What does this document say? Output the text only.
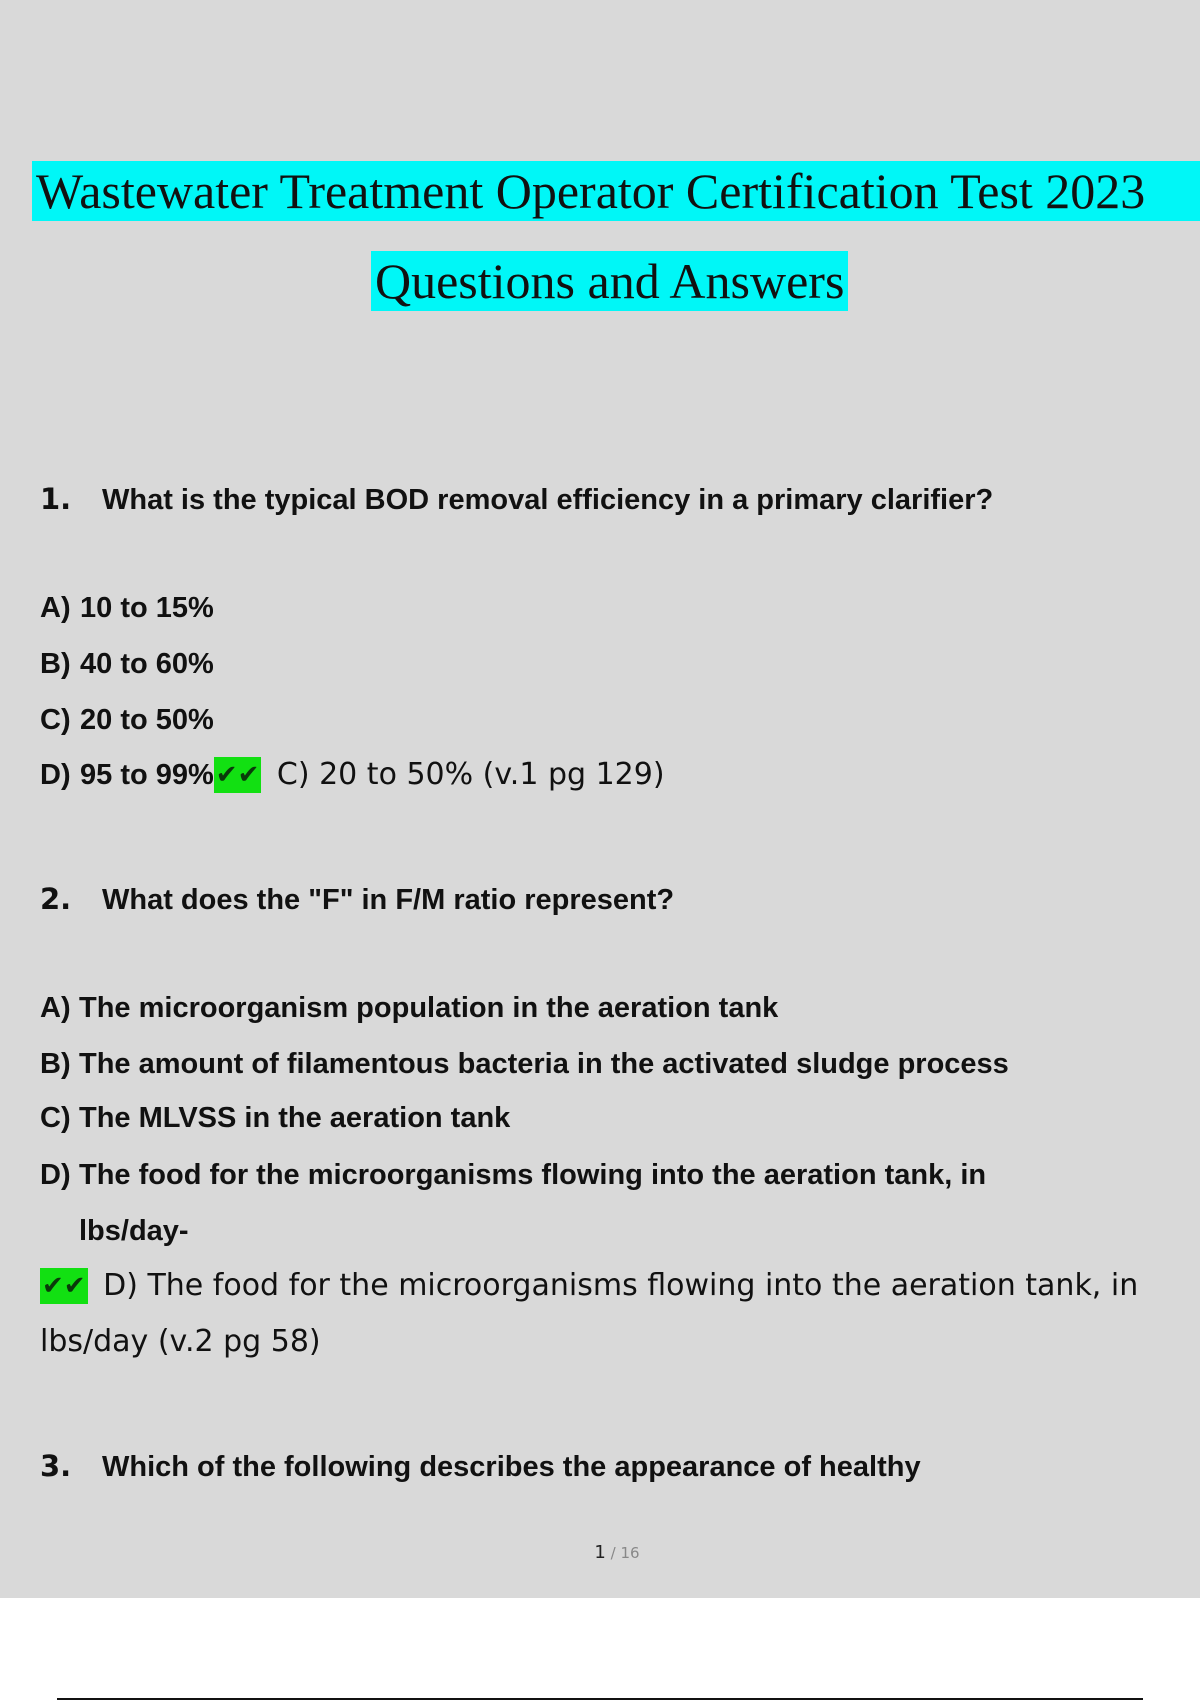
Wastewater Treatment Operator Certification Test 2023
Questions and Answers
1. What is the typical BOD removal efficiency in a primary clarifier?
A) 10 to 15%
B) 40 to 60%
C) 20 to 50%
D) 95 to 99%✔✔ C) 20 to 50% (v.1 pg 129)
2. What does the "F" in F/M ratio represent?
A) The microorganism population in the aeration tank
B) The amount of filamentous bacteria in the activated sludge process
C) The MLVSS in the aeration tank
D) The food for the microorganisms flowing into the aeration tank, in
lbs/day-
✔✔ D) The food for the microorganisms flowing into the aeration tank, in lbs/day (v.2 pg 58)
3. Which of the following describes the appearance of healthy
1 / 16
